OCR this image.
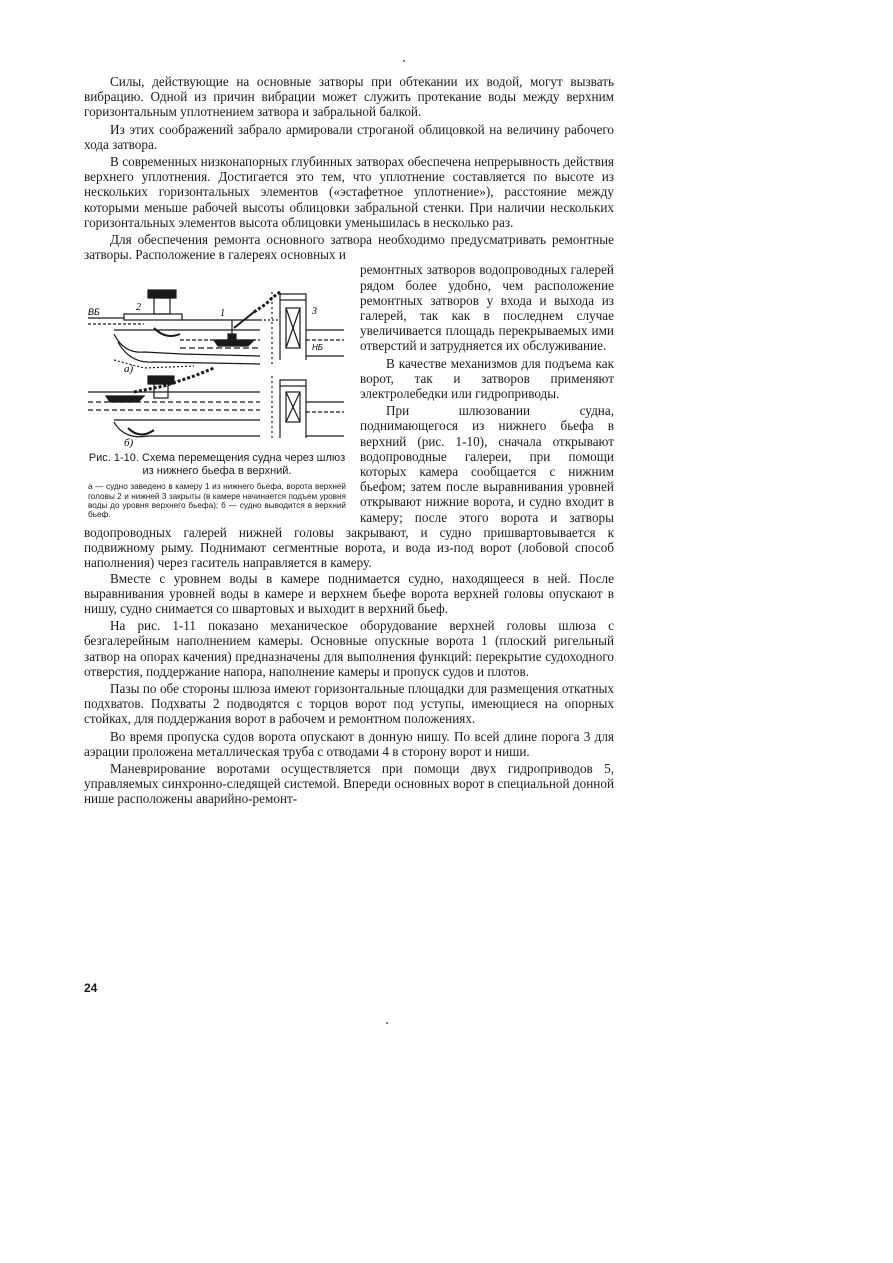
Силы, действующие на основные затворы при обтекании их водой, могут вызвать вибрацию. Одной из причин вибрации может служить протекание воды между верхним горизонтальным уплотнением затвора и забральной балкой.

Из этих соображений забрало армировали строганой облицовкой на величину рабочего хода затвора.

В современных низконапорных глубинных затворах обеспечена непрерывность действия верхнего уплотнения. Достигается это тем, что уплотнение составляется по высоте из нескольких горизонтальных элементов («эстафетное уплотнение»), расстояние между которыми меньше рабочей высоты облицовки забральной стенки. При наличии нескольких горизонтальных элементов высота облицовки уменьшилась в несколько раз.

Для обеспечения ремонта основного затвора необходимо предусматривать ремонтные затворы. Расположение в галереях основных и

ВБ
НБ
2
1	3
а)
б)
Рис. 1-10. Схема перемещения судна через шлюз из нижнего бьефа в верхний.
а — судно заведено в камеру 1 из нижнего бьефа, ворота верхней головы 2 и нижней 3 закрыты (в камере начинается подъем уровня воды до уровня верхнего бьефа); б — судно выводится в верхний бьеф.

ремонтных затворов водопроводных галерей рядом более удобно, чем расположение ремонтных затворов у входа и выхода из галерей, так как в последнем случае увеличивается площадь перекрываемых ими отверстий и затрудняется их обслуживание.

В качестве механизмов для подъема как ворот, так и затворов применяют электролебедки или гидроприводы.

При шлюзовании судна, поднимающегося из нижнего бьефа в верхний (рис. 1-10), сначала открывают водопроводные галереи, при помощи которых камера сообщается с нижним бьефом; затем после выравнивания уровней открывают нижние ворота, и судно входит в камеру; после этого ворота и затворы водопроводных галерей нижней головы закрывают, и судно пришвартовывается к подвижному рыму. Поднимают сегментные ворота, и вода из-под ворот (лобовой способ наполнения) через гаситель направляется в камеру.

Вместе с уровнем воды в камере поднимается судно, находящееся в ней. После выравнивания уровней воды в камере и верхнем бьефе ворота верхней головы опускают в нишу, судно снимается со швартовых и выходит в верхний бьеф.

На рис. 1-11 показано механическое оборудование верхней головы шлюза с безгалерейным наполнением камеры. Основные опускные ворота 1 (плоский ригельный затвор на опорах качения) предназначены для выполнения функций: перекрытие судоходного отверстия, поддержание напора, наполнение камеры и пропуск судов и плотов.

Пазы по обе стороны шлюза имеют горизонтальные площадки для размещения откатных подхватов. Подхваты 2 подводятся с торцов ворот под уступы, имеющиеся на опорных стойках, для поддержания ворот в рабочем и ремонтном положениях.

Во время пропуска судов ворота опускают в донную нишу. По всей длине порога 3 для аэрации проложена металлическая труба с отводами 4 в сторону ворот и ниши.

Маневрирование воротами осуществляется при помощи двух гидроприводов 5, управляемых синхронно-следящей системой. Впереди основных ворот в специальной донной нише расположены аварийно-ремонт-

24
